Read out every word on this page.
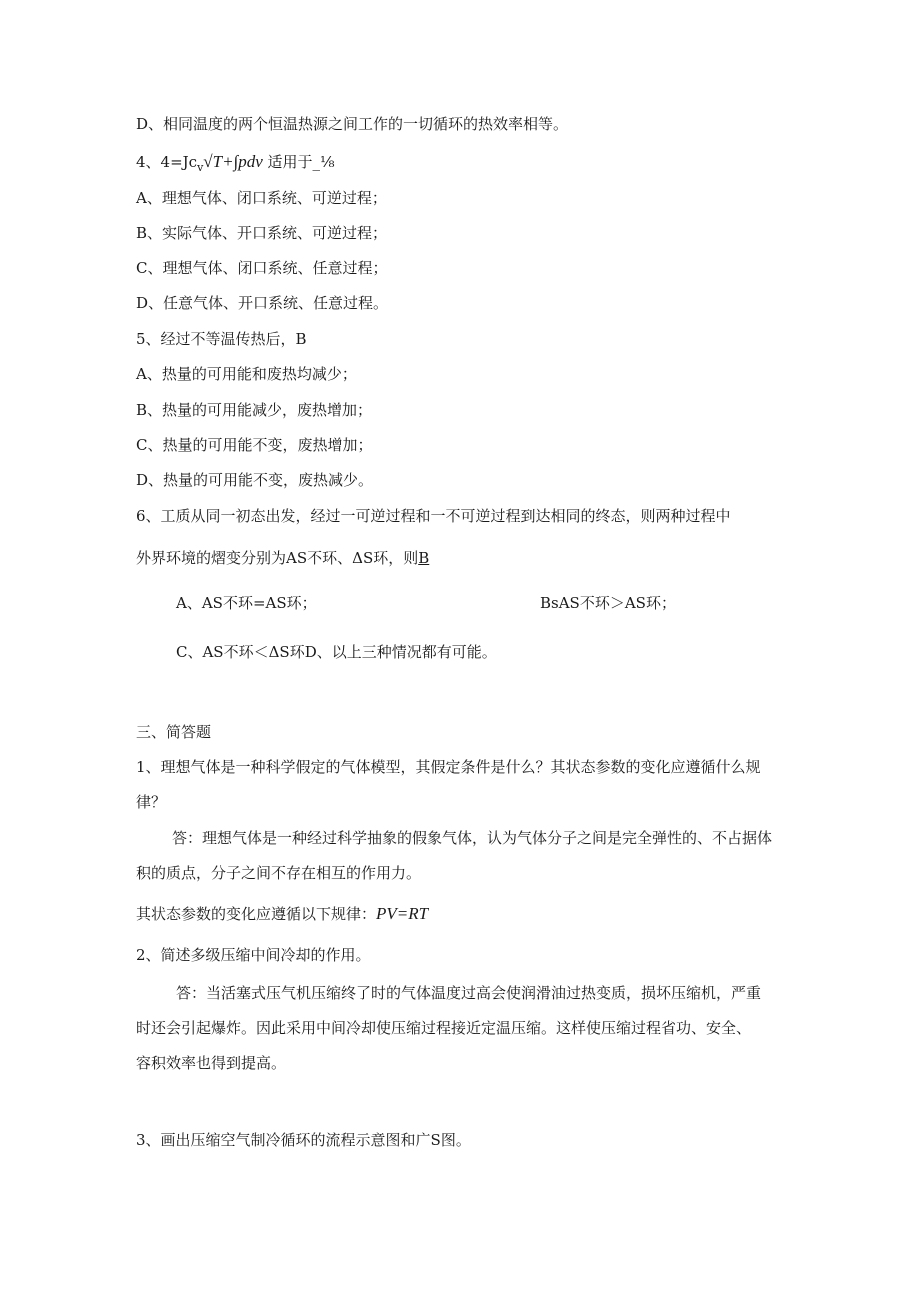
D、相同温度的两个恒温热源之间工作的一切循环的热效率相等。
4、$4=Jc_v√T+\int pdv$ 适用于_⅛
A、理想气体、闭口系统、可逆过程；
B、实际气体、开口系统、可逆过程；
C、理想气体、闭口系统、任意过程；
D、任意气体、开口系统、任意过程。
5、经过不等温传热后，B
A、热量的可用能和废热均减少；
B、热量的可用能减少，废热增加；
C、热量的可用能不变，废热增加；
D、热量的可用能不变，废热减少。
6、工质从同一初态出发，经过一可逆过程和一不可逆过程到达相同的终态，则两种过程中
外界环境的熠变分别为AS不环、ΔS环，则B
A、AS不环=AS环；	BsAS不环＞AS环；
C、AS不环＜ΔS环D、以上三种情况都有可能。
三、简答题
1、理想气体是一种科学假定的气体模型，其假定条件是什么？其状态参数的变化应遵循什么规
律？
答：理想气体是一种经过科学抽象的假象气体，认为气体分子之间是完全弹性的、不占据体
积的质点，分子之间不存在相互的作用力。
其状态参数的变化应遵循以下规律：PV=RT
2、简述多级压缩中间冷却的作用。
答：当活塞式压气机压缩终了时的气体温度过高会使润滑油过热变质，损坏压缩机，严重
时还会引起爆炸。因此采用中间冷却使压缩过程接近定温压缩。这样使压缩过程省功、安全、
容积效率也得到提高。
3、画出压缩空气制冷循环的流程示意图和广S图。
